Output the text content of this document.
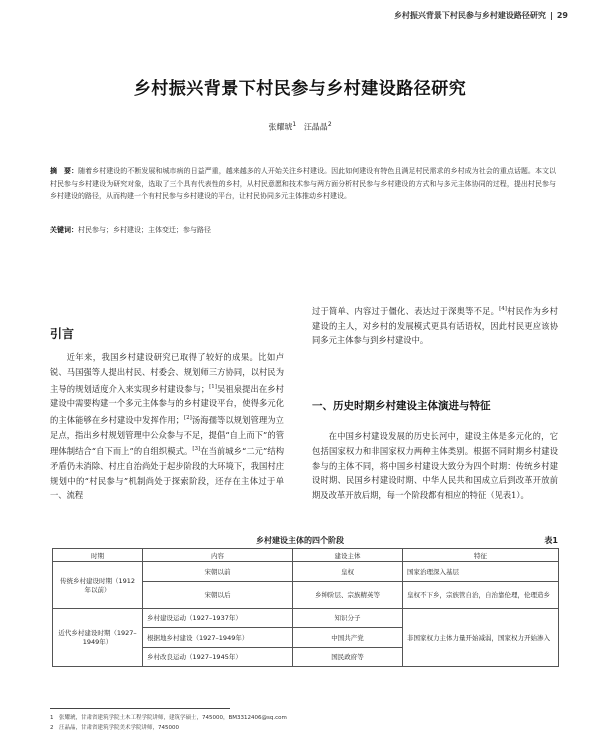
乡村振兴背景下村民参与乡村建设路径研究 | 29
乡村振兴背景下村民参与乡村建设路径研究
张耀琥$^1$ 汪晶晶$^2$
摘　要：随着乡村建设的不断发展和城市病的日益严重，越来越多的人开始关注乡村建设。因此如何建设有特色且满足村民需求的乡村成为社会的重点话题。本文以村民参与乡村建设为研究对象，选取了三个具有代表性的乡村，从村民意愿和技术参与两方面分析村民参与乡村建设的方式和与多元主体协同的过程，提出村民参与乡村建设的路径，从而构建一个有村民参与乡村建设的平台，让村民协同多元主体推动乡村建设。
关键词：村民参与；乡村建设；主体变迁；参与路径
引言

近年来，我国乡村建设研究已取得了较好的成果。比如卢锐、马国强等人提出村民、村委会、规划师三方协同，以村民为主导的规划适度介入来实现乡村建设参与；[1]吴祖泉提出在乡村建设中需要构建一个多元主体参与的乡村建设平台，使得多元化的主体能够在乡村建设中发挥作用；[2]汤海孺等以规划管理为立足点，指出乡村规划管理中公众参与不足，提倡“自上而下”的管理体制结合“自下而上”的自组织模式。[3]在当前城乡“二元”结构矛盾仍未消除、村庄自治尚处于起步阶段的大环境下，我国村庄规划中的“村民参与”机制尚处于探索阶段，还存在主体过于单一、流程

过于简单、内容过于僵化、表达过于深奥等不足。[4]村民作为乡村建设的主人，对乡村的发展模式更具有话语权，因此村民更应该协同多元主体参与到乡村建设中。

一、历史时期乡村建设主体演进与特征

在中国乡村建设发展的历史长河中，建设主体是多元化的，它包括国家权力和非国家权力两种主体类别。根据不同时期乡村建设参与的主体不同，将中国乡村建设大致分为四个时期：传统乡村建设时期、民国乡村建设时期、中华人民共和国成立后到改革开放前期及改革开放后期，每一个阶段都有相应的特征（见表1）。

乡村建设主体的四个阶段	表1
时期	内容	建设主体	特征
传统乡村建设时期（1912年以前）	宋朝以前	皇权	国家治理深入基层
	宋朝以后	乡绅阶层、宗族精英等	皇权不下乡，宗族管自治，自治靠伦理，伦理造乡
近代乡村建设时期（1927–1949年）	乡村建设运动（1927–1937年）	知识分子	非国家权力主体力量开始减弱，国家权力开始渗入
	根据地乡村建设（1927–1949年）	中国共产党	
	乡村改良运动（1927–1945年）	国民政府等	
1　张耀琥，甘肃省建筑学院土木工程学院讲师，建筑学硕士，745000，BM3312406@sq.com
2　汪晶晶，甘肃省建筑学院美术学院讲师，745000
